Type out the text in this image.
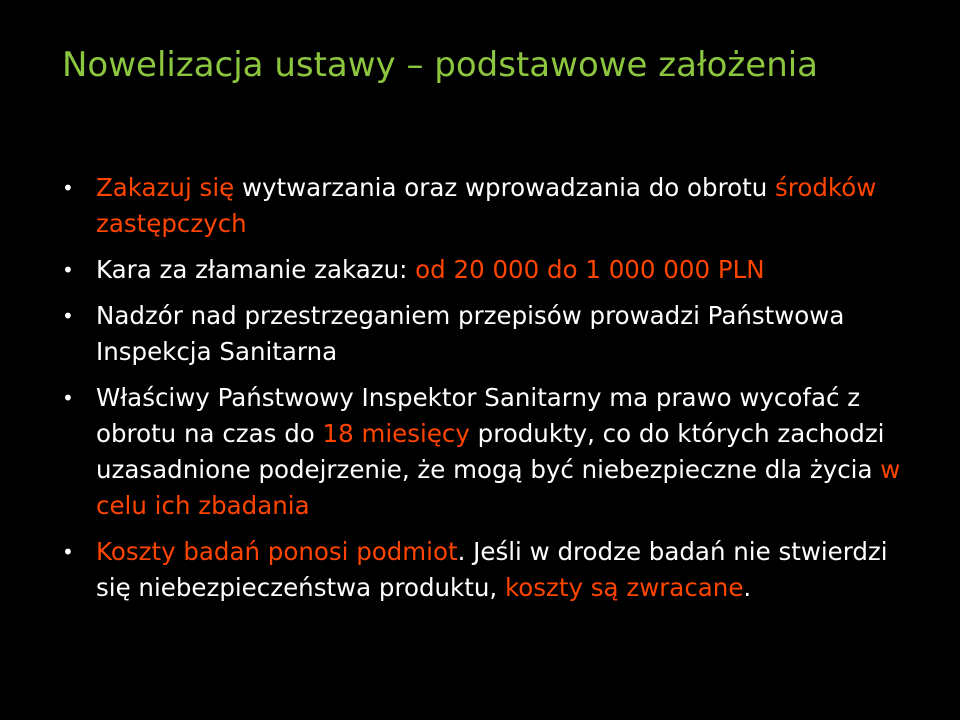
Nowelizacja ustawy – podstawowe założenia
• Zakazuj się wytwarzania oraz wprowadzania do obrotu środków zastępczych
• Kara za złamanie zakazu: od 20 000 do 1 000 000 PLN
• Nadzór nad przestrzeganiem przepisów prowadzi Państwowa Inspekcja Sanitarna
• Właściwy Państwowy Inspektor Sanitarny ma prawo wycofać z obrotu na czas do 18 miesięcy produkty, co do których zachodzi uzasadnione podejrzenie, że mogą być niebezpieczne dla życia w celu ich zbadania
• Koszty badań ponosi podmiot. Jeśli w drodze badań nie stwierdzi się niebezpieczeństwa produktu, koszty są zwracane.
